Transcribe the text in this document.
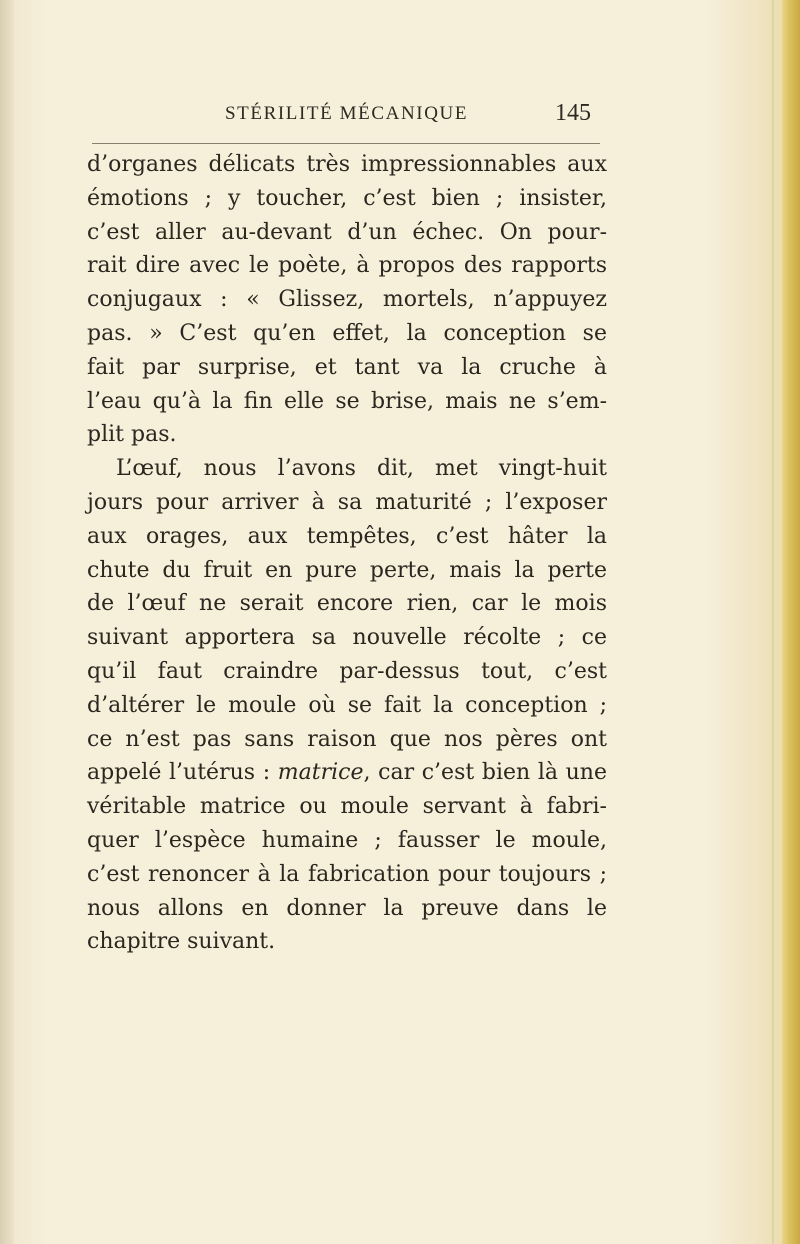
STÉRILITÉ MÉCANIQUE	145
d’organes délicats très impressionnables aux
émotions ; y toucher, c’est bien ; insister,
c’est aller au-devant d’un échec. On pour-
rait dire avec le poète, à propos des rapports
conjugaux : « Glissez, mortels, n’appuyez
pas. » C’est qu’en effet, la conception se
fait par surprise, et tant va la cruche à
l’eau qu’à la fin elle se brise, mais ne s’em-
plit pas.
L’œuf, nous l’avons dit, met vingt-huit
jours pour arriver à sa maturité ; l’exposer
aux orages, aux tempêtes, c’est hâter la
chute du fruit en pure perte, mais la perte
de l’œuf ne serait encore rien, car le mois
suivant apportera sa nouvelle récolte ; ce
qu’il faut craindre par-dessus tout, c’est
d’altérer le moule où se fait la conception ;
ce n’est pas sans raison que nos pères ont
appelé l’utérus : matrice, car c’est bien là une
véritable matrice ou moule servant à fabri-
quer l’espèce humaine ; fausser le moule,
c’est renoncer à la fabrication pour toujours ;
nous allons en donner la preuve dans le
chapitre suivant.
